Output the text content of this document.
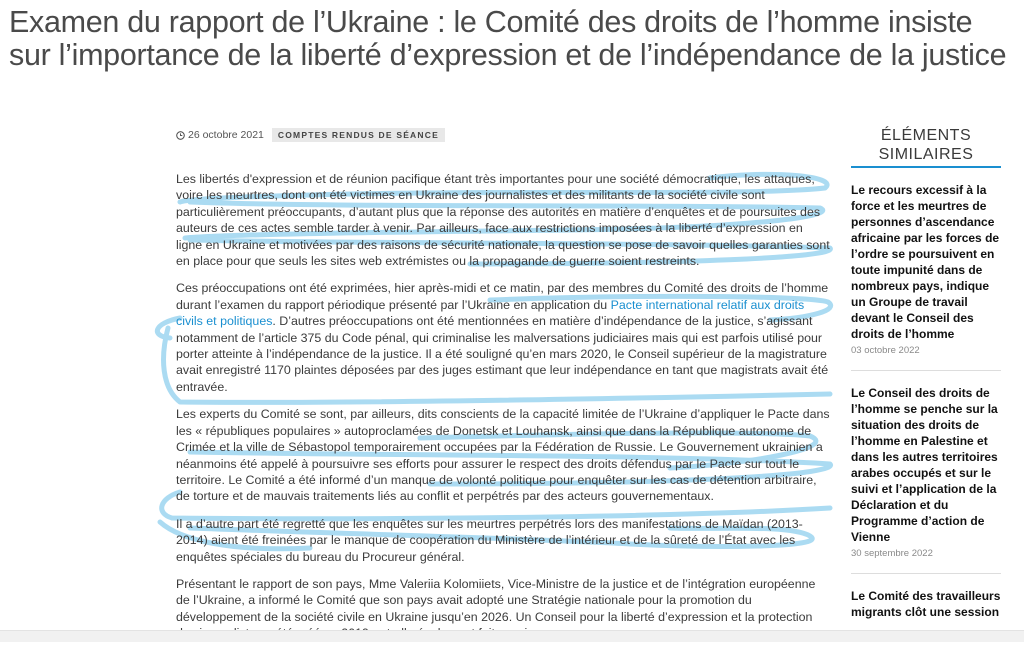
Examen du rapport de l’Ukraine : le Comité des droits de l’homme insiste sur l’importance de la liberté d’expression et de l’indépendance de la justice
26 octobre 2021	COMPTES RENDUS DE SÉANCE

Les libertés d'expression et de réunion pacifique étant très importantes pour une société démocratique, les attaques, voire les meurtres, dont ont été victimes en Ukraine des journalistes et des militants de la société civile sont particulièrement préoccupants, d’autant plus que la réponse des autorités en matière d’enquêtes et de poursuites des auteurs de ces actes semble tarder à venir. Par ailleurs, face aux restrictions imposées à la liberté d’expression en ligne en Ukraine et motivées par des raisons de sécurité nationale, la question se pose de savoir quelles garanties sont en place pour que seuls les sites web extrémistes ou la propagande de guerre soient restreints.

Ces préoccupations ont été exprimées, hier après-midi et ce matin, par des membres du Comité des droits de l’homme durant l’examen du rapport périodique présenté par l’Ukraine en application du Pacte international relatif aux droits civils et politiques. D’autres préoccupations ont été mentionnées en matière d’indépendance de la justice, s’agissant notamment de l’article 375 du Code pénal, qui criminalise les malversations judiciaires mais qui est parfois utilisé pour porter atteinte à l’indépendance de la justice. Il a été souligné qu’en mars 2020, le Conseil supérieur de la magistrature avait enregistré 1170 plaintes déposées par des juges estimant que leur indépendance en tant que magistrats avait été entravée.

Les experts du Comité se sont, par ailleurs, dits conscients de la capacité limitée de l’Ukraine d’appliquer le Pacte dans les « républiques populaires » autoproclamées de Donetsk et Louhansk, ainsi que dans la République autonome de Crimée et la ville de Sébastopol temporairement occupées par la Fédération de Russie. Le Gouvernement ukrainien a néanmoins été appelé à poursuivre ses efforts pour assurer le respect des droits défendus par le Pacte sur tout le territoire. Le Comité a été informé d’un manque de volonté politique pour enquêter sur les cas de détention arbitraire, de torture et de mauvais traitements liés au conflit et perpétrés par des acteurs gouvernementaux.

Il a d’autre part été regretté que les enquêtes sur les meurtres perpétrés lors des manifestations de Maïdan (2013-2014) aient été freinées par le manque de coopération du Ministère de l’intérieur et de la sûreté de l’État avec les enquêtes spéciales du bureau du Procureur général.

Présentant le rapport de son pays, Mme Valeriia Kolomiiets, Vice-Ministre de la justice et de l’intégration européenne de l’Ukraine, a informé le Comité que son pays avait adopté une Stratégie nationale pour la promotion du développement de la société civile en Ukraine jusqu’en 2026. Un Conseil pour la liberté d’expression et la protection

ÉLÉMENTS
SIMILAIRES
Le recours excessif à la force et les meurtres de personnes d’ascendance africaine par les forces de l’ordre se poursuivent en toute impunité dans de nombreux pays, indique un Groupe de travail devant le Conseil des droits de l’homme
03 octobre 2022
Le Conseil des droits de l’homme se penche sur la situation des droits de l’homme en Palestine et dans les autres territoires arabes occupés et sur le suivi et l’application de la Déclaration et du Programme d’action de Vienne
30 septembre 2022
Le Comité des travailleurs migrants clôt une session
